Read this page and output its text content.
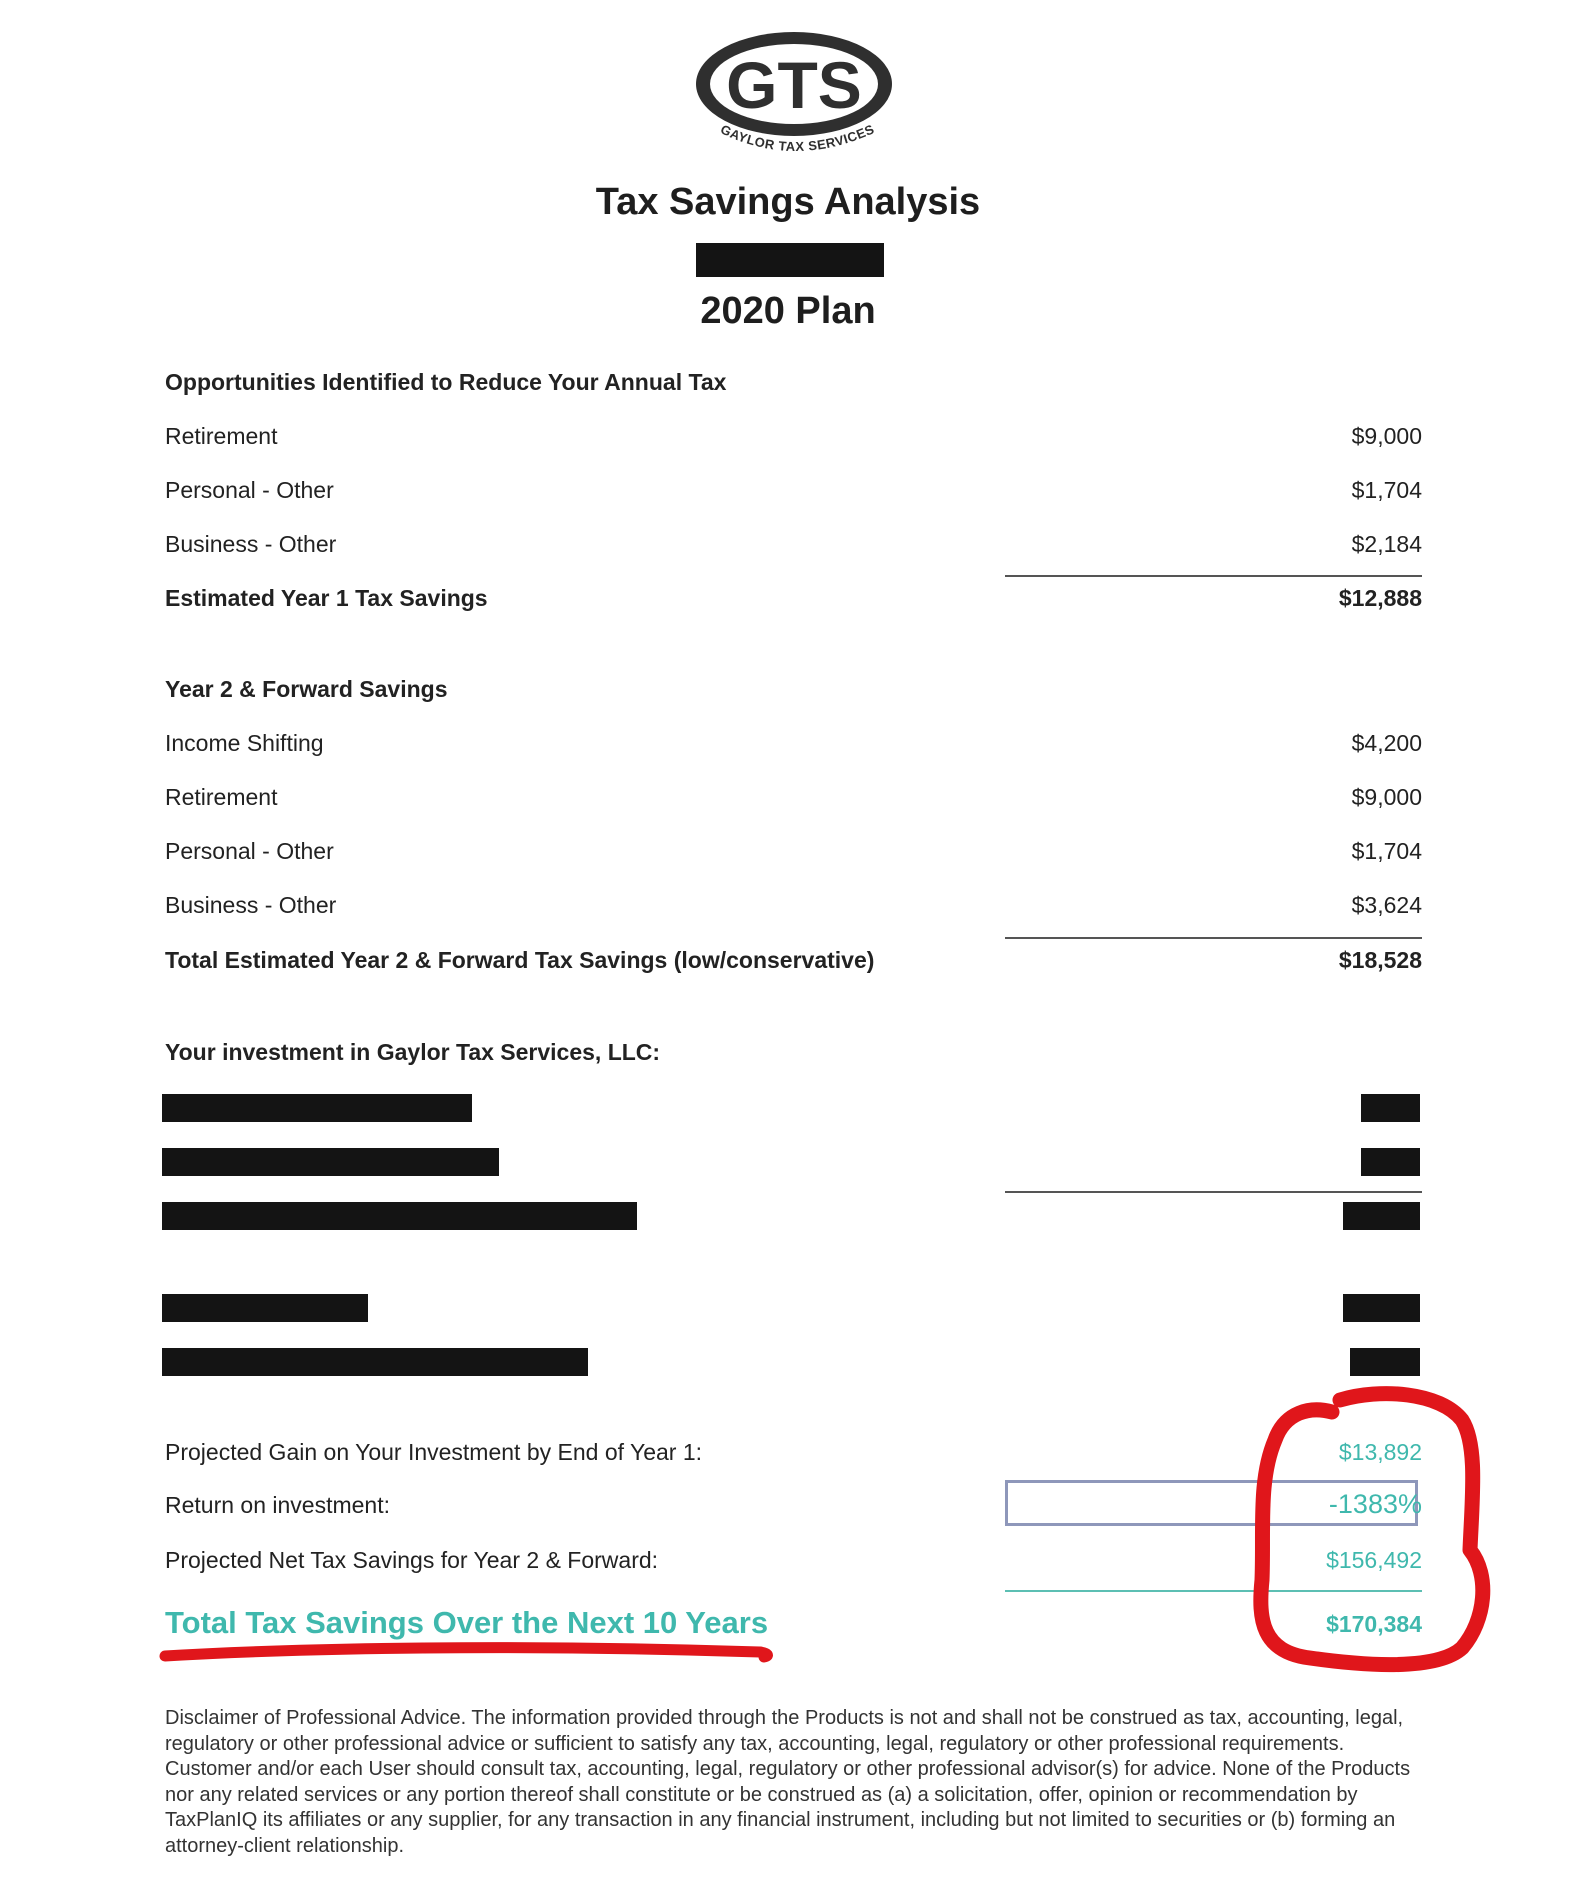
GTS
GAYLOR TAX SERVICES
Tax Savings Analysis
2020 Plan
Opportunities Identified to Reduce Your Annual Tax
Retirement	$9,000
Personal - Other	$1,704
Business - Other	$2,184
Estimated Year 1 Tax Savings	$12,888
Year 2 & Forward Savings
Income Shifting	$4,200
Retirement	$9,000
Personal - Other	$1,704
Business - Other	$3,624
Total Estimated Year 2 & Forward Tax Savings (low/conservative)	$18,528
Your investment in Gaylor Tax Services, LLC:
Projected Gain on Your Investment by End of Year 1:	$13,892
Return on investment:	-1383%
Projected Net Tax Savings for Year 2 & Forward:	$156,492
Total Tax Savings Over the Next 10 Years	$170,384
Disclaimer of Professional Advice. The information provided through the Products is not and shall not be construed as tax, accounting, legal, regulatory or other professional advice or sufficient to satisfy any tax, accounting, legal, regulatory or other professional requirements. Customer and/or each User should consult tax, accounting, legal, regulatory or other professional advisor(s) for advice. None of the Products nor any related services or any portion thereof shall constitute or be construed as (a) a solicitation, offer, opinion or recommendation by TaxPlanIQ its affiliates or any supplier, for any transaction in any financial instrument, including but not limited to securities or (b) forming an attorney-client relationship.
